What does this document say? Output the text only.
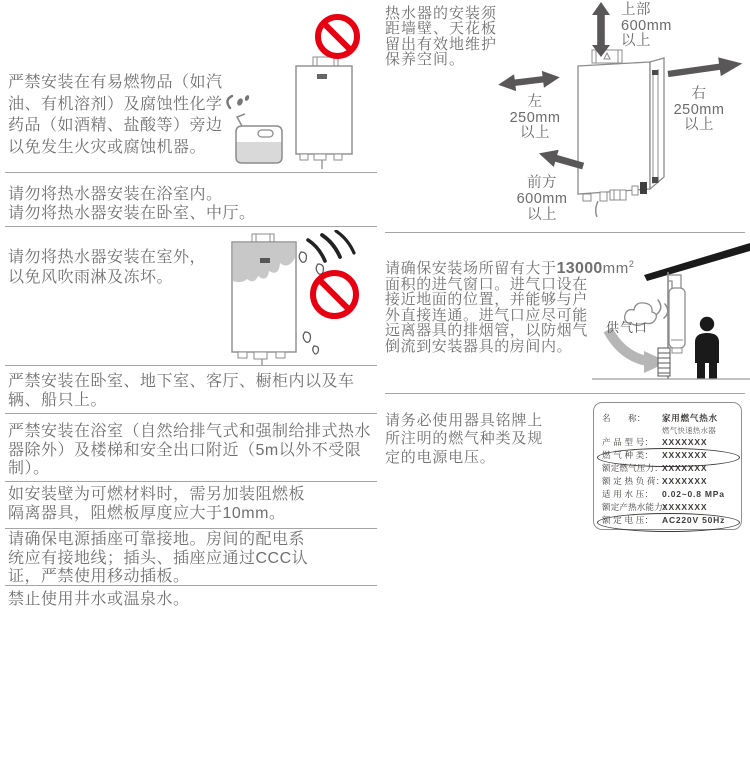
严禁安装在有易燃物品（如汽
油、有机溶剂）及腐蚀性化学
药品（如酒精、盐酸等）旁边
以免发生火灾或腐蚀机器。
请勿将热水器安装在浴室内。
请勿将热水器安装在卧室、中厅。
请勿将热水器安装在室外，
以免风吹雨淋及冻坏。
严禁安装在卧室、地下室、客厅、橱柜内以及车
辆、船只上。
严禁安装在浴室（自然给排气式和强制给排式热水
器除外）及楼梯和安全出口附近（5m以外不受限
制）。
如安装壁为可燃材料时，需另加装阻燃板
隔离器具，阻燃板厚度应大于10mm。
请确保电源插座可靠接地。房间的配电系
统应有接地线；插头、插座应通过CCC认
证，严禁使用移动插板。
禁止使用井水或温泉水。
热水器的安装须
距墙壁、天花板
留出有效地维护
保养空间。
上部
600mm
以上
右
250mm
以上
左
250mm
以上
前方
600mm
以上
请确保安装场所留有大于$13000mm^2$
面积的进气窗口。进气口设在
接近地面的位置，并能够与户
外直接连通。进气口应尽可能
远离器具的排烟管，以防烟气
倒流到安装器具的房间内。
供气口
请务必使用器具铭牌上
所注明的燃气种类及规
定的电源电压。
名　　称：	家用燃气热水
燃气快速热水器
产 品 型 号：	XXXXXXX
燃 气 种 类：	XXXXXXX
额定燃气压力： XXXXXXX
额 定 热 负 荷：
XXXXXXX
适 用 水 压：	0.02~0.8 MPa
额定产热水能力：
XXXXXXX
额 定 电 压：	AC220V 50Hz
